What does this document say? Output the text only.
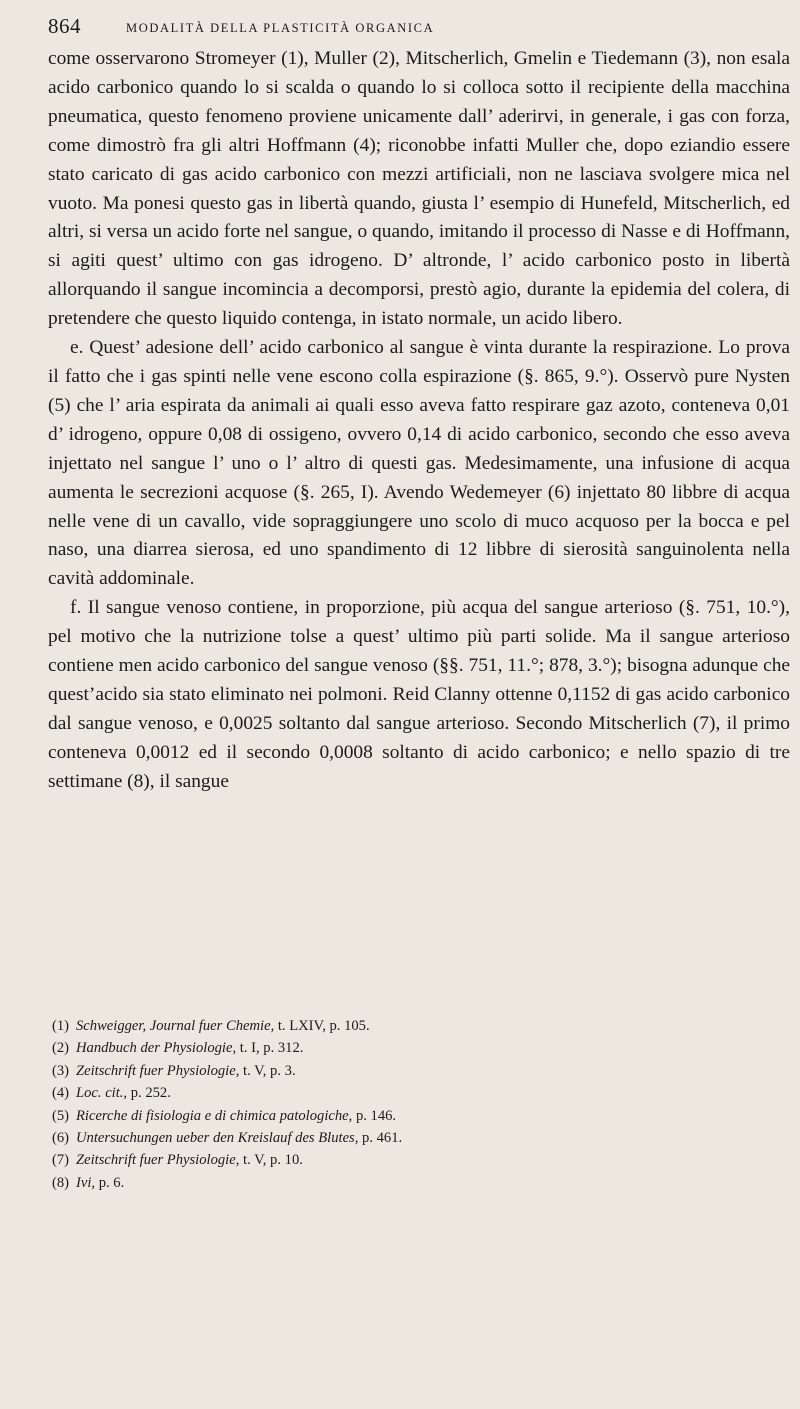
864	MODALITÀ DELLA PLASTICITÀ ORGANICA

come osservarono Stromeyer (1), Muller (2), Mitscherlich, Gmelin e Tiedemann (3), non esala acido carbonico quando lo si scalda o quando lo si colloca sotto il recipiente della macchina pneumatica, questo fenomeno proviene unicamente dall’ aderirvi, in generale, i gas con forza, come dimostrò fra gli altri Hoffmann (4); riconobbe infatti Muller che, dopo eziandio essere stato caricato di gas acido carbonico con mezzi artificiali, non ne lasciava svolgere mica nel vuoto. Ma ponesi questo gas in libertà quando, giusta l’ esempio di Hunefeld, Mitscherlich, ed altri, si versa un acido forte nel sangue, o quando, imitando il processo di Nasse e di Hoffmann, si agiti quest’ ultimo con gas idrogeno. D’ altronde, l’ acido carbonico posto in libertà allorquando il sangue incomincia a decomporsi, prestò agio, durante la epidemia del colera, di pretendere che questo liquido contenga, in istato normale, un acido libero.

e. Quest’ adesione dell’ acido carbonico al sangue è vinta durante la respirazione. Lo prova il fatto che i gas spinti nelle vene escono colla espirazione (§. 865, 9.°). Osservò pure Nysten (5) che l’ aria espirata da animali ai quali esso aveva fatto respirare gaz azoto, conteneva 0,01 d’ idrogeno, oppure 0,08 di ossigeno, ovvero 0,14 di acido carbonico, secondo che esso aveva injettato nel sangue l’ uno o l’ altro di questi gas. Medesimamente, una infusione di acqua aumenta le secrezioni acquose (§. 265, I). Avendo Wedemeyer (6) injettato 80 libbre di acqua nelle vene di un cavallo, vide sopraggiungere uno scolo di muco acquoso per la bocca e pel naso, una diarrea sierosa, ed uno spandimento di 12 libbre di sierosità sanguinolenta nella cavità addominale.

f. Il sangue venoso contiene, in proporzione, più acqua del sangue arterioso (§. 751, 10.°), pel motivo che la nutrizione tolse a quest’ ultimo più parti solide. Ma il sangue arterioso contiene men acido carbonico del sangue venoso (§§. 751, 11.°; 878, 3.°); bisogna adunque che quest’acido sia stato eliminato nei polmoni. Reid Clanny ottenne 0,1152 di gas acido carbonico dal sangue venoso, e 0,0025 soltanto dal sangue arterioso. Secondo Mitscherlich (7), il primo conteneva 0,0012 ed il secondo 0,0008 soltanto di acido carbonico; e nello spazio di tre settimane (8), il sangue

(1) Schweigger, Journal fuer Chemie, t. LXIV, p. 105.
(2) Handbuch der Physiologie, t. I, p. 312.
(3) Zeitschrift fuer Physiologie, t. V, p. 3.
(4) Loc. cit., p. 252.
(5) Ricerche di fisiologia e di chimica patologiche, p. 146.
(6) Untersuchungen ueber den Kreislauf des Blutes, p. 461.
(7) Zeitschrift fuer Physiologie, t. V, p. 10.
(8) Ivi, p. 6.
